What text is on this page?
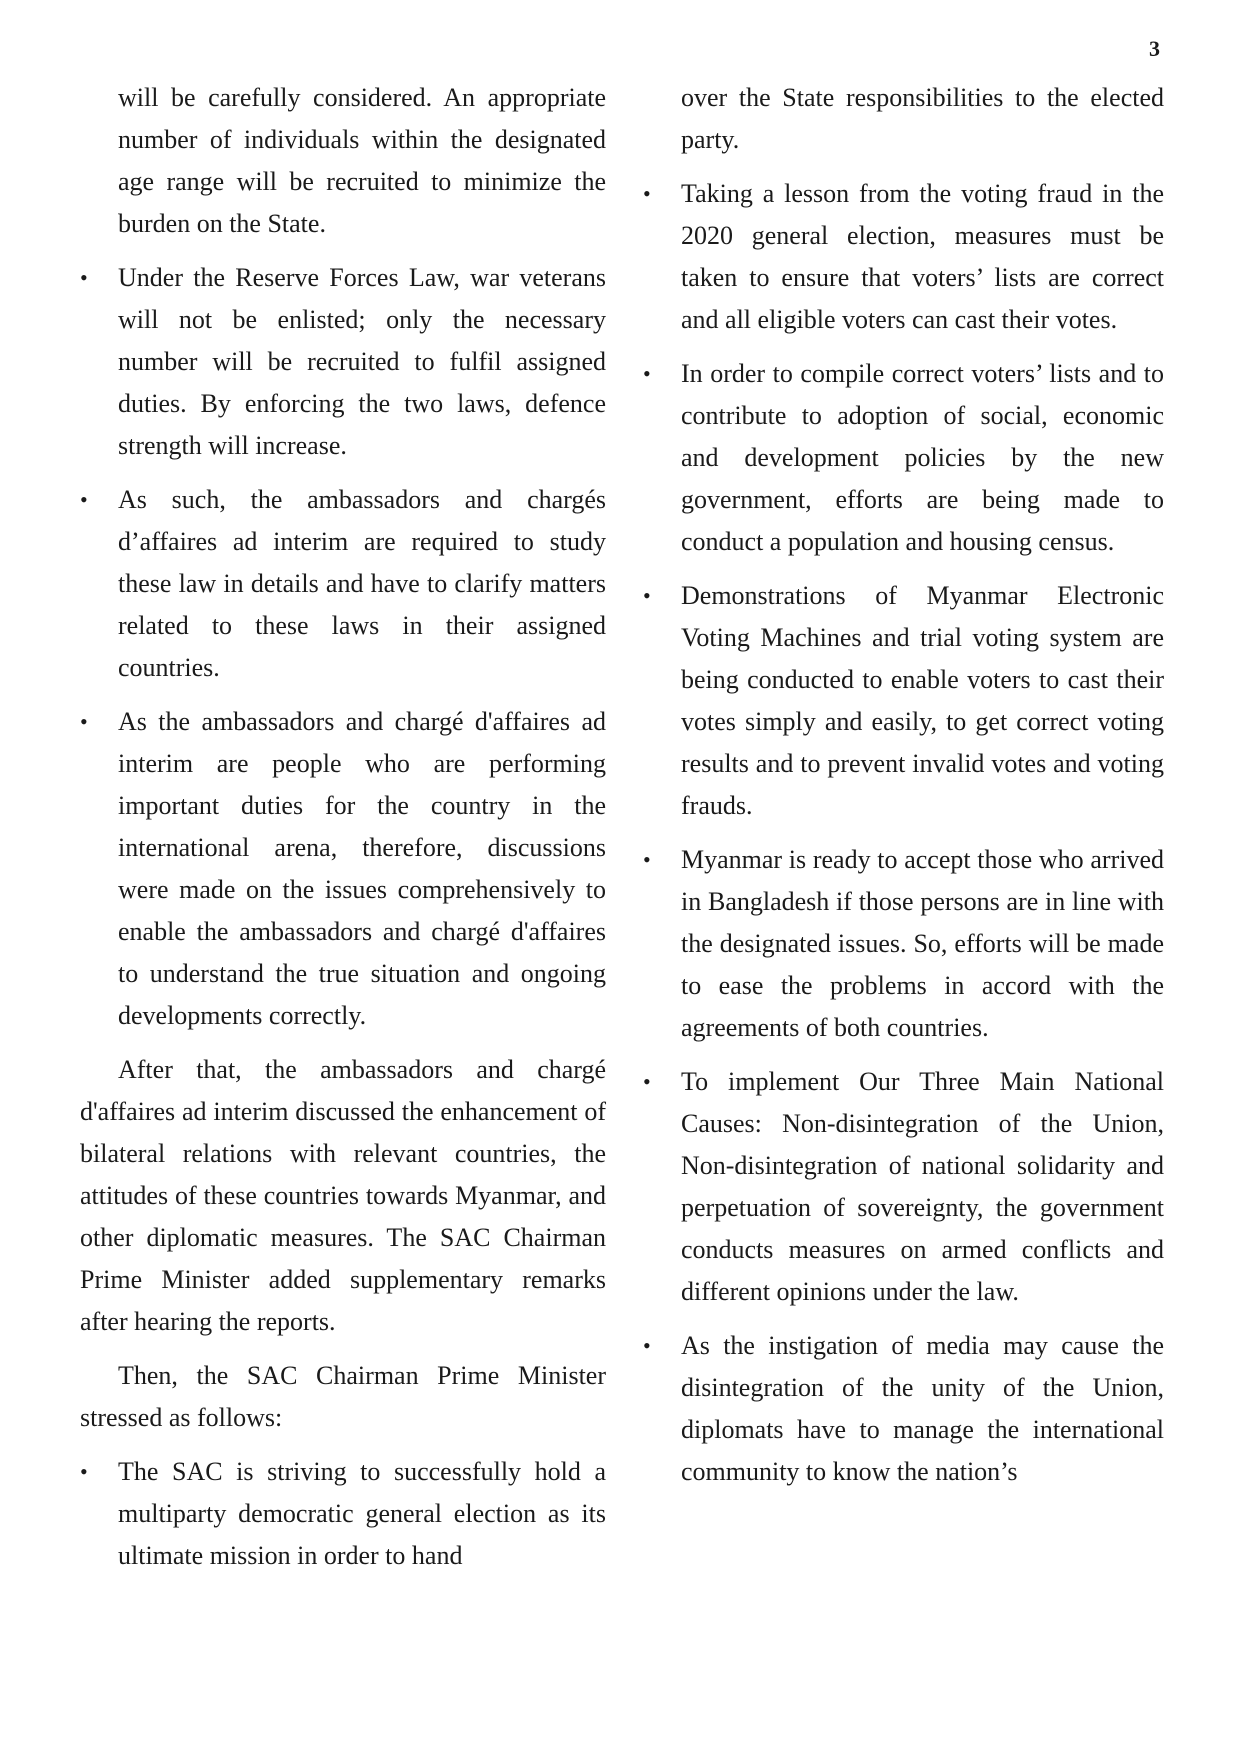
3

will be carefully considered. An appropriate number of individuals within the designated age range will be recruited to minimize the burden on the State.

• Under the Reserve Forces Law, war veterans will not be enlisted; only the necessary number will be recruited to fulfil assigned duties. By enforcing the two laws, defence strength will increase.

• As such, the ambassadors and chargés d’affaires ad interim are required to study these law in details and have to clarify matters related to these laws in their assigned countries.

• As the ambassadors and chargé d'affaires ad interim are people who are performing important duties for the country in the international arena, therefore, discussions were made on the issues comprehensively to enable the ambassadors and chargé d'affaires to understand the true situation and ongoing developments correctly.

After that, the ambassadors and chargé d'affaires ad interim discussed the enhancement of bilateral relations with relevant countries, the attitudes of these countries towards Myanmar, and other diplomatic measures. The SAC Chairman Prime Minister added supplementary remarks after hearing the reports.

Then, the SAC Chairman Prime Minister stressed as follows:

• The SAC is striving to successfully hold a multiparty democratic general election as its ultimate mission in order to hand

over the State responsibilities to the elected party.

• Taking a lesson from the voting fraud in the 2020 general election, measures must be taken to ensure that voters’ lists are correct and all eligible voters can cast their votes.

• In order to compile correct voters’ lists and to contribute to adoption of social, economic and development policies by the new government, efforts are being made to conduct a population and housing census.

• Demonstrations of Myanmar Electronic Voting Machines and trial voting system are being conducted to enable voters to cast their votes simply and easily, to get correct voting results and to prevent invalid votes and voting frauds.

• Myanmar is ready to accept those who arrived in Bangladesh if those persons are in line with the designated issues. So, efforts will be made to ease the problems in accord with the agreements of both countries.

• To implement Our Three Main National Causes: Non-disintegration of the Union, Non-disintegration of national solidarity and perpetuation of sovereignty, the government conducts measures on armed conflicts and different opinions under the law.

• As the instigation of media may cause the disintegration of the unity of the Union, diplomats have to manage the international community to know the nation’s
